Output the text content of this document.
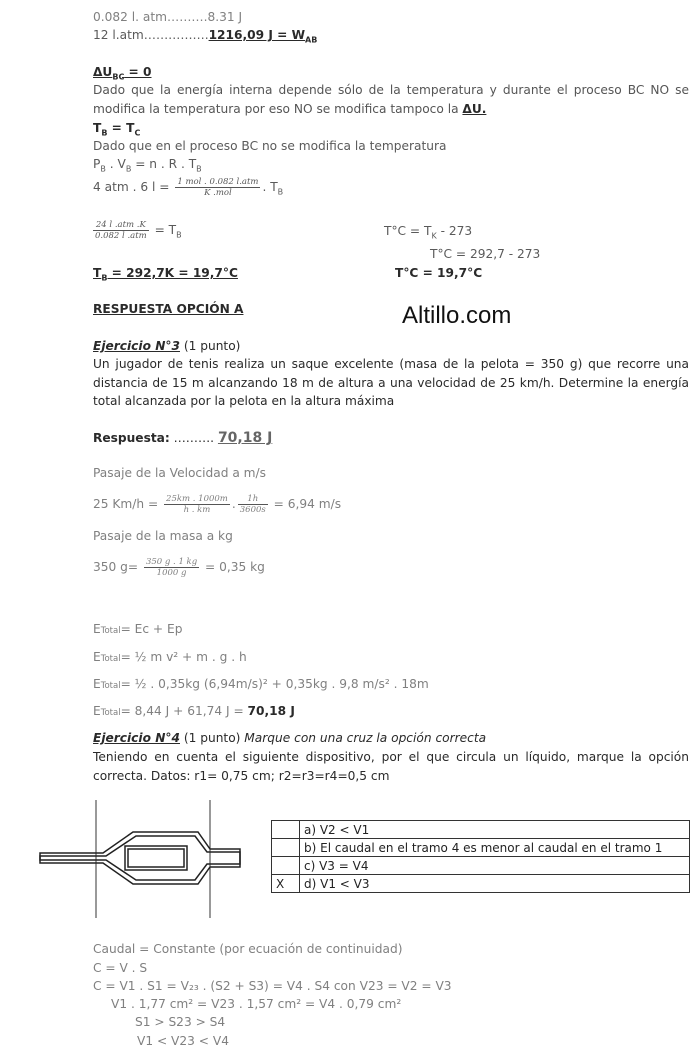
0.082 l. atm……….8.31 J
12 l.atm…………….1216,09 $J = W_{AB}$
$\Delta U_{BC} = 0$
Dado que la energía interna depende sólo de la temperatura y durante el proceso BC NO se modifica la temperatura por eso NO se modifica tampoco la ΔU.
$T_B = T_C$
Dado que en el proceso BC no se modifica la temperatura
$P_B$ . $V_B = n$ . R . $T_B$
4 atm . 6 $l = \frac{\text{1 mol . 0.082 l.atm}}{\text{K .mol}}$ . $T_B$
$\frac{\text{24 l .atm .K}}{\text{0.082 l .atm}} = T_B$	$T^\circ C = T_K - 273$
T°C = 292,7 - 273
$T_B = 292,7K = 19,7^\circ C$	T°C = 19,7°C
RESPUESTA OPCIÓN A	Altillo.com
Ejercicio N°3 (1 punto)
Un jugador de tenis realiza un saque excelente (masa de la pelota = 350 g) que recorre una distancia de 15 m alcanzando 18 m de altura a una velocidad de 25 km/h. Determine la energía total alcanzada por la pelota en la altura máxima
Respuesta: ………. 70,18 J
Pasaje de la Velocidad a m/s
25 $Km/h = \frac{25km . 1000m}{h . km}$ . $\frac{1h}{3600s} = 6,94$ m/s
Pasaje de la masa a kg
350 $g= \frac{350 g . 1 kg}{1000 g} = 0,35$ kg
ETotal= Ec + Ep
ETotal= ½ m v² + m . g . h
ETotal= ½ . 0,35kg (6,94m/s)² + 0,35kg . 9,8 m/s² . 18m
ETotal= 8,44 J + 61,74 J = 70,18 J
Ejercicio N°4 (1 punto) Marque con una cruz la opción correcta
Teniendo en cuenta el siguiente dispositivo, por el que circula un líquido, marque la opción correcta. Datos: r1= 0,75 cm; r2=r3=r4=0,5 cm
	a) V2 < V1
	b) El caudal en el tramo 4 es menor al caudal en el tramo 1
	c) V3 = V4
X	d) V1 < V3
Caudal = Constante (por ecuación de continuidad)
C = V . S
C = V1 . S1 = V₂₃ . (S2 + S3) = V4 . S4 con V23 = V2 = V3
V1 . 1,77 cm² = V23 . 1,57 cm² = V4 . 0,79 cm²
S1 > S23 > S4
V1 < V23 < V4
